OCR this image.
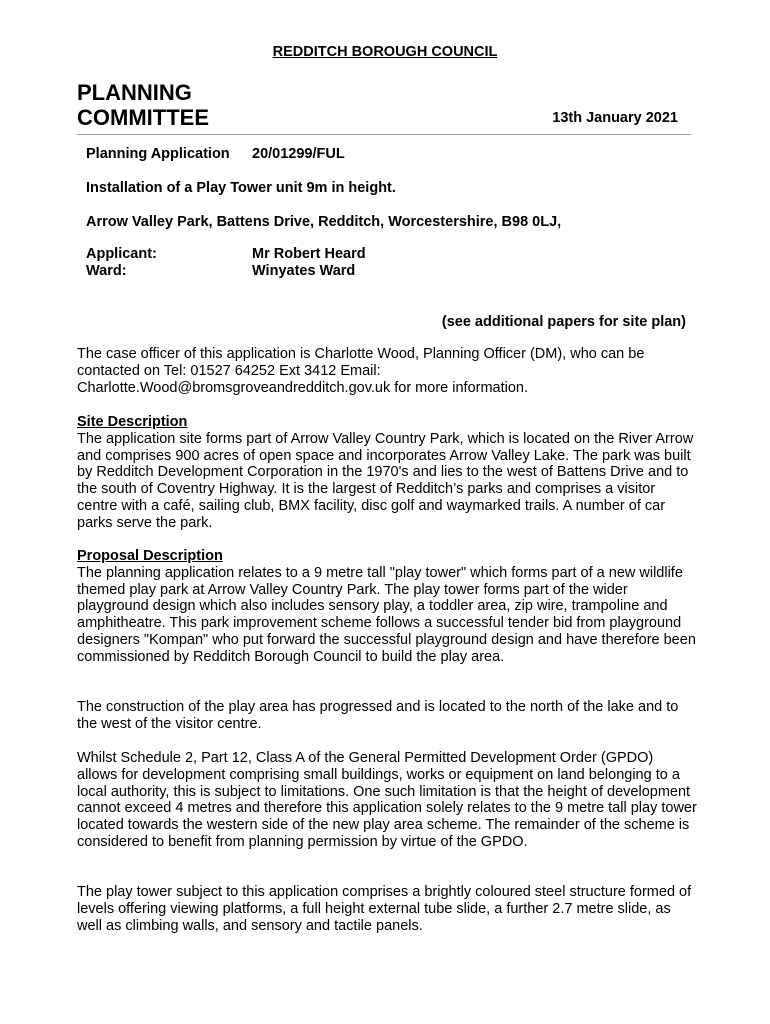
REDDITCH BOROUGH COUNCIL
PLANNING
COMMITTEE	13th January 2021
Planning Application 20/01299/FUL
Installation of a Play Tower unit 9m in height.
Arrow Valley Park, Battens Drive, Redditch, Worcestershire, B98 0LJ,
Applicant:	Mr Robert Heard
Ward:	Winyates Ward
(see additional papers for site plan)

The case officer of this application is Charlotte Wood, Planning Officer (DM), who can be contacted on Tel: 01527 64252 Ext 3412 Email: Charlotte.Wood@bromsgroveandredditch.gov.uk for more information.

Site Description

The application site forms part of Arrow Valley Country Park, which is located on the River Arrow and comprises 900 acres of open space and incorporates Arrow Valley Lake. The park was built by Redditch Development Corporation in the 1970's and lies to the west of Battens Drive and to the south of Coventry Highway. It is the largest of Redditch’s parks and comprises a visitor centre with a café, sailing club, BMX facility, disc golf and waymarked trails. A number of car parks serve the park.

Proposal Description

The planning application relates to a 9 metre tall "play tower" which forms part of a new wildlife themed play park at Arrow Valley Country Park. The play tower forms part of the wider playground design which also includes sensory play, a toddler area, zip wire, trampoline and amphitheatre. This park improvement scheme follows a successful tender bid from playground designers "Kompan" who put forward the successful playground design and have therefore been commissioned by Redditch Borough Council to build the play area.

The construction of the play area has progressed and is located to the north of the lake and to the west of the visitor centre.

Whilst Schedule 2, Part 12, Class A of the General Permitted Development Order (GPDO) allows for development comprising small buildings, works or equipment on land belonging to a local authority, this is subject to limitations. One such limitation is that the height of development cannot exceed 4 metres and therefore this application solely relates to the 9 metre tall play tower located towards the western side of the new play area scheme. The remainder of the scheme is considered to benefit from planning permission by virtue of the GPDO.

The play tower subject to this application comprises a brightly coloured steel structure formed of levels offering viewing platforms, a full height external tube slide, a further 2.7 metre slide, as well as climbing walls, and sensory and tactile panels.
